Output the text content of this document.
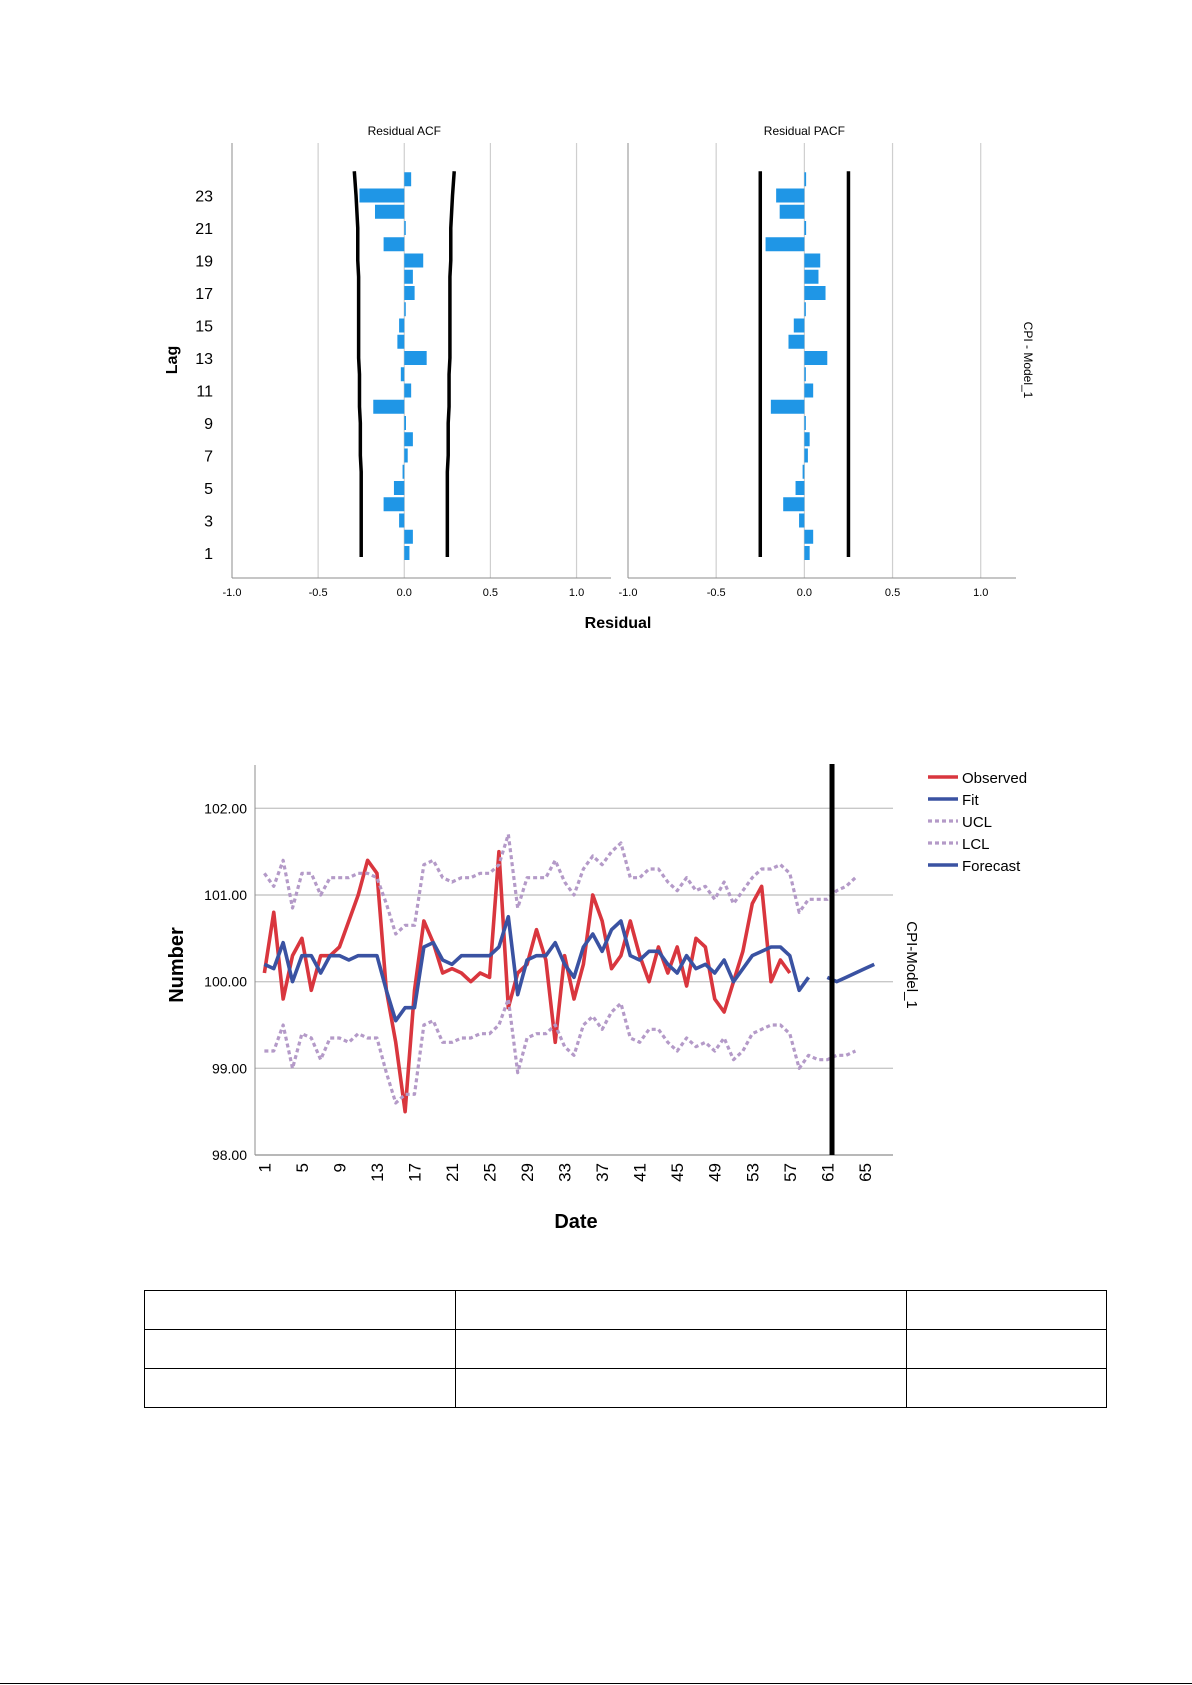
Residual ACF
-1.0	-0.5	0.0	0.5	1.0
Residual PACF
-1.0	-0.5	0.0	0.5	1.0
1
3
5
7
9
11
13
15
17
19
21
23
Residual
Lag	CPI - Model_1
98.00
99.00
100.00
101.00
102.00
1 5 9 13 17 21 25 29 33 37 41 45 49 53 57 61 65
Observed
Fit
UCL
LCL
Forecast
Date
Number	CPI-Model_1
